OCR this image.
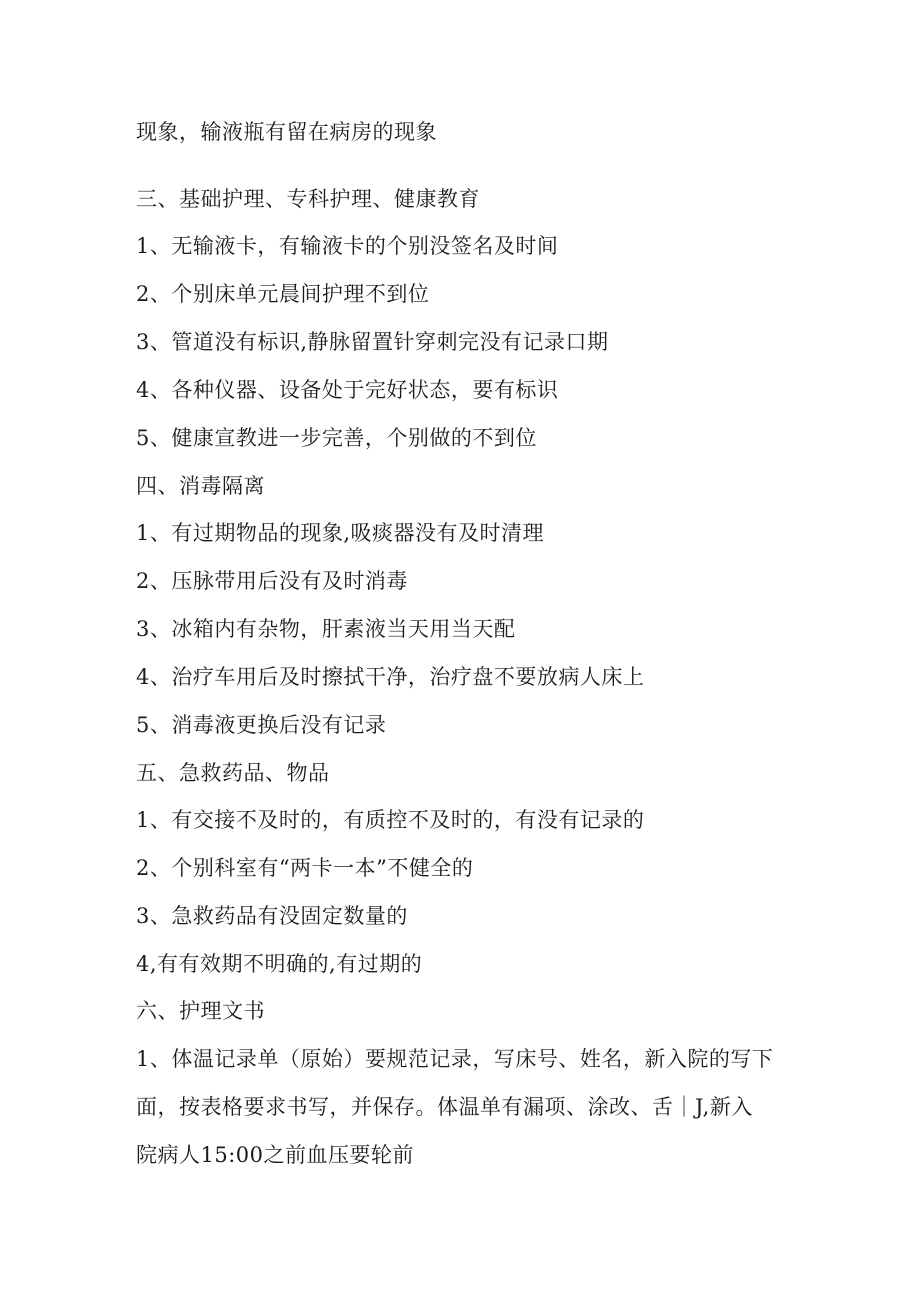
现象，输液瓶有留在病房的现象
三、基础护理、专科护理、健康教育
1、无输液卡，有输液卡的个别没签名及时间
2、个别床单元晨间护理不到位
3、管道没有标识,静脉留置针穿刺完没有记录口期
4、各种仪器、设备处于完好状态，要有标识
5、健康宣教进一步完善，个别做的不到位
四、消毒隔离
1、有过期物品的现象,吸痰器没有及时清理
2、压脉带用后没有及时消毒
3、冰箱内有杂物，肝素液当天用当天配
4、治疗车用后及时擦拭干净，治疗盘不要放病人床上
5、消毒液更换后没有记录
五、急救药品、物品
1、有交接不及时的，有质控不及时的，有没有记录的
2、个别科室有“两卡一本”不健全的
3、急救药品有没固定数量的
4,有有效期不明确的,有过期的
六、护理文书
1、体温记录单（原始）要规范记录，写床号、姓名，新入院的写下
面，按表格要求书写，并保存。体温单有漏项、涂改、舌｜J,新入
院病人15:00之前血压要轮前
